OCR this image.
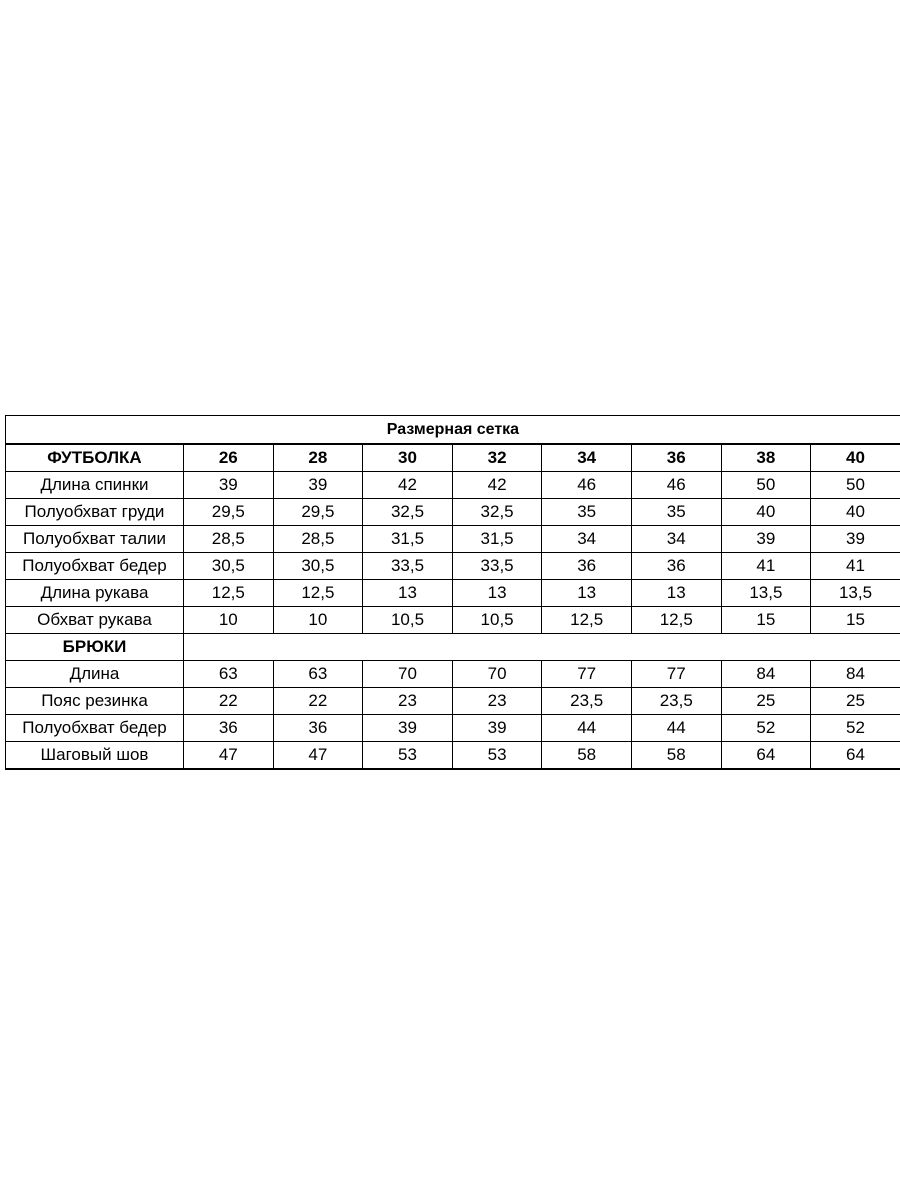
Размерная сетка								
ФУТБОЛКА	26	28	30	32	34	36	38	40
Длина спинки	39	39	42	42	46	46	50	50
Полуобхват груди	29,5	29,5	32,5	32,5	35	35	40	40
Полуобхват талии	28,5	28,5	31,5	31,5	34	34	39	39
Полуобхват бедер	30,5	30,5	33,5	33,5	36	36	41	41
Длина рукава	12,5	12,5	13	13	13	13	13,5	13,5
Обхват рукава	10	10	10,5	10,5	12,5	12,5	15	15
БРЮКИ								
Длина	63	63	70	70	77	77	84	84
Пояс резинка	22	22	23	23	23,5	23,5	25	25
Полуобхват бедер	36	36	39	39	44	44	52	52
Шаговый шов	47	47	53	53	58	58	64	64
